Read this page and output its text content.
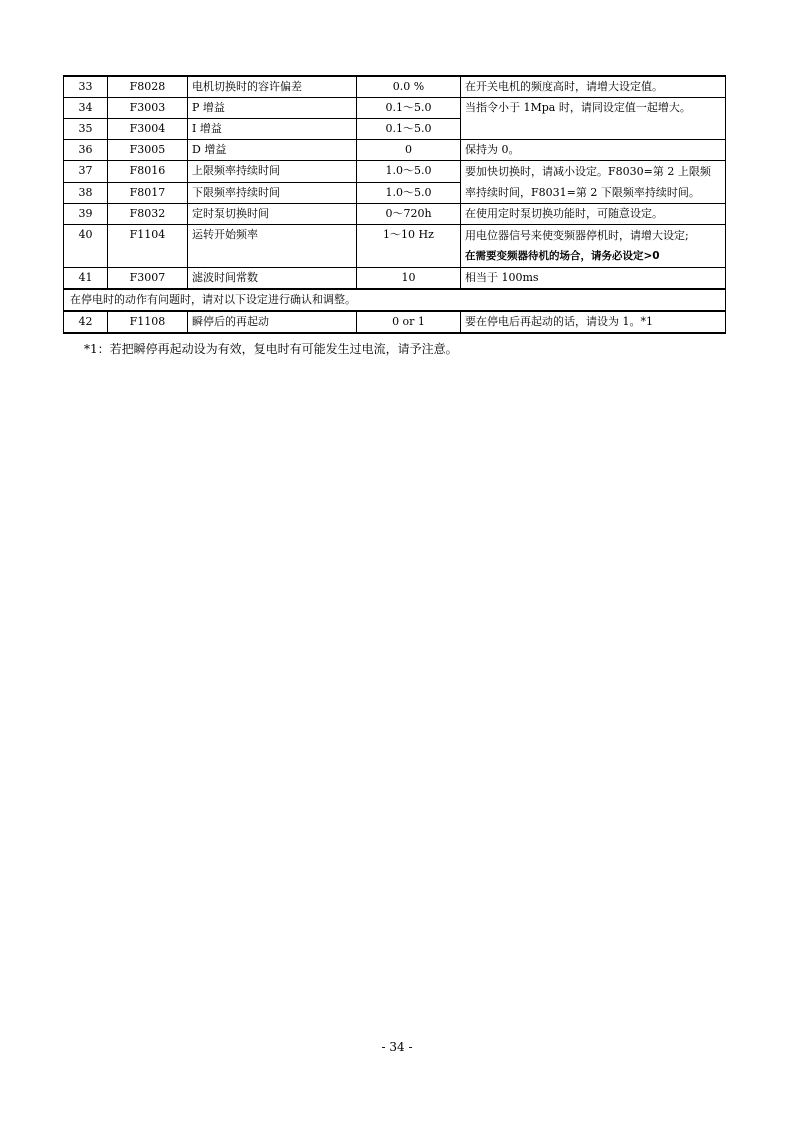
33	F8028	电机切换时的容许偏差	0.0 %	在开关电机的频度高时，请增大设定值。
34	F3003	P 增益	0.1～5.0	当指令小于 1Mpa 时，请同设定值一起增大。
35	F3004	I 增益	0.1～5.0	
36	F3005	D 增益	0	保持为 0。
37	F8016	上限频率持续时间	1.0～5.0	要加快切换时，请减小设定。F8030=第 2 上限频
率持续时间，F8031=第 2 下限频率持续时间。

38	F8017	下限频率持续时间	1.0～5.0	
39	F8032	定时泵切换时间	0～720h	在使用定时泵切换功能时，可随意设定。
40	F1104	运转开始频率	1～10 Hz	用电位器信号来使变频器停机时，请增大设定;
在需要变频器待机的场合，请务必设定>0

41	F3007	滤波时间常数	10	相当于 100ms
在停电时的动作有问题时，请对以下设定进行确认和调整。				
42	F1108	瞬停后的再起动	0 or 1	要在停电后再起动的话，请设为 1。*1
*1：若把瞬停再起动设为有效，复电时有可能发生过电流，请予注意。
- 34 -
